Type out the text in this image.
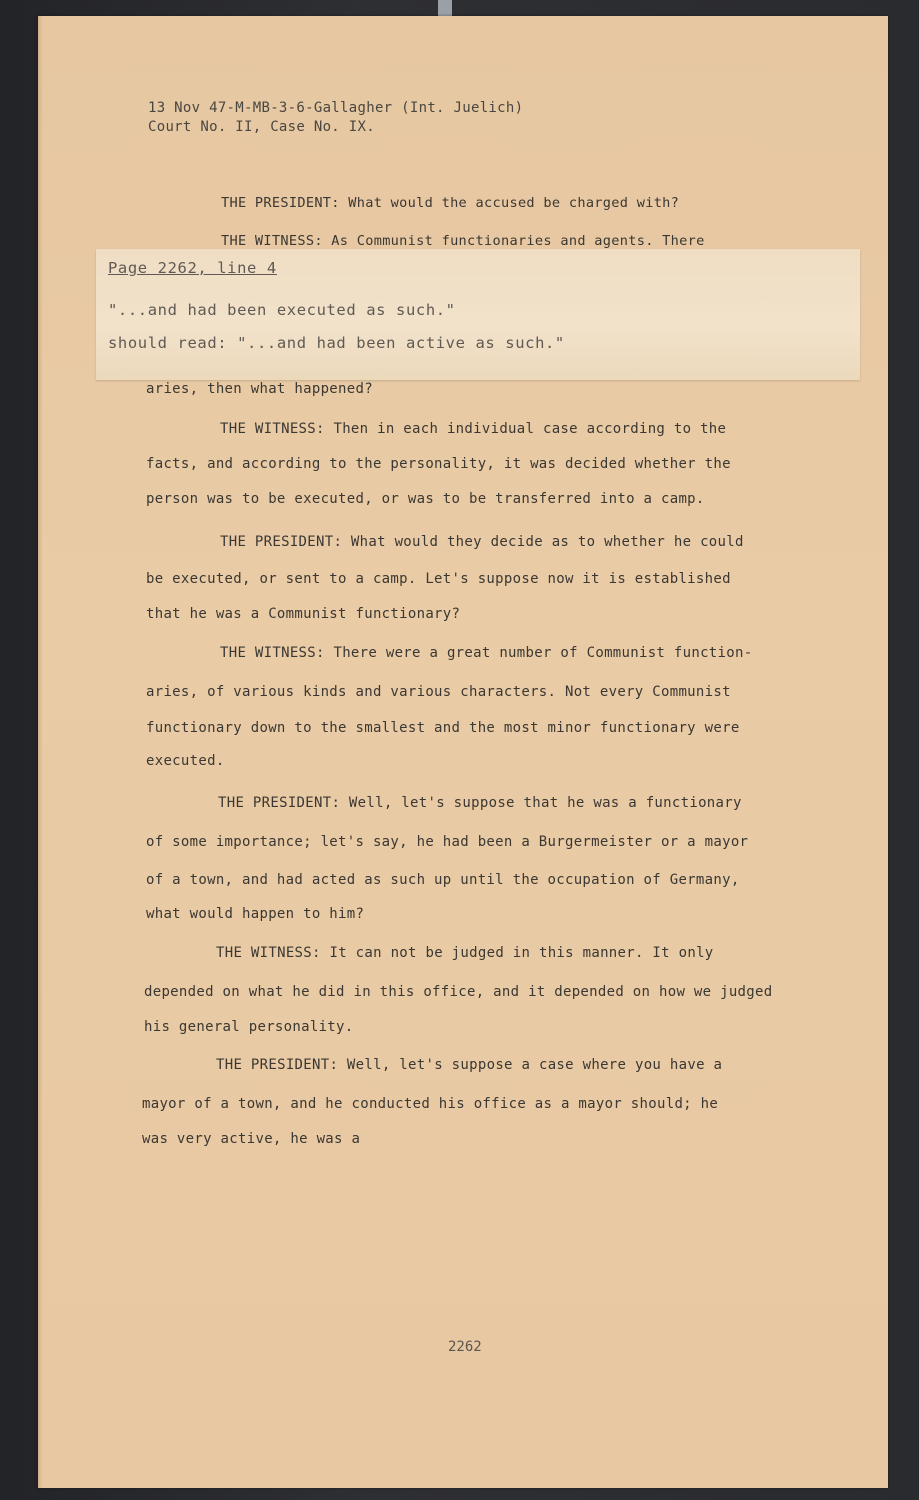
13 Nov 47-M-MB-3-6-Gallagher (Int. Juelich)
Court No. II, Case No. IX.
THE PRESIDENT: What would the accused be charged with?
THE WITNESS: As Communist functionaries and agents. There
Page 2262, line 4
"...and had been executed as such."
should read: "...and had been active as such."
aries, then what happened?
THE WITNESS: Then in each individual case according to the
facts, and according to the personality, it was decided whether the
person was to be executed, or was to be transferred into a camp.
THE PRESIDENT: What would they decide as to whether he could
be executed, or sent to a camp. Let's suppose now it is established
that he was a Communist functionary?
THE WITNESS: There were a great number of Communist function-
aries, of various kinds and various characters. Not every Communist
functionary down to the smallest and the most minor functionary were
executed.
THE PRESIDENT: Well, let's suppose that he was a functionary
of some importance; let's say, he had been a Burgermeister or a mayor
of a town, and had acted as such up until the occupation of Germany,
what would happen to him?
THE WITNESS: It can not be judged in this manner. It only
depended on what he did in this office, and it depended on how we judged
his general personality.
THE PRESIDENT: Well, let's suppose a case where you have a
mayor of a town, and he conducted his office as a mayor should; he
was very active, he was a
2262
